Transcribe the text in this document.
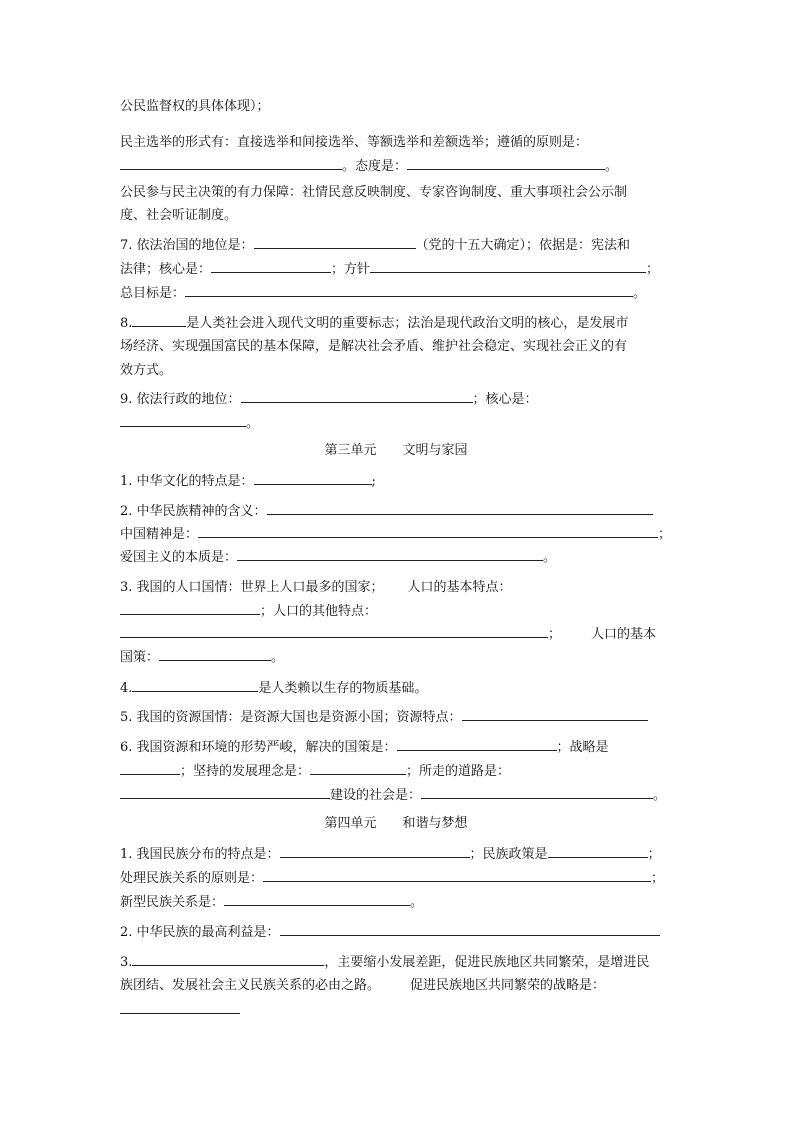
公民监督权的具体体现）；
民主选举的形式有：直接选举和间接选举、等额选举和差额选举；遵循的原则是：
。态度是：	。
公民参与民主决策的有力保障：社情民意反映制度、专家咨询制度、重大事项社会公示制
度、社会听证制度。
7. 依法治国的地位是：	（党的十五大确定）；依据是：宪法和
法律；核心是：	；方针	；
总目标是：	。
8.	是人类社会进入现代文明的重要标志；法治是现代政治文明的核心，是发展市
场经济、实现强国富民的基本保障，是解决社会矛盾、维护社会稳定、实现社会正义的有
效方式。
9. 依法行政的地位：	；核心是：
。
第三单元 文明与家园
1. 中华文化的特点是：	;
2. 中华民族精神的含义：
中国精神是：	；
爱国主义的本质是：	。
3. 我国的人口国情：世界上人口最多的国家； 人口的基本特点：
；人口的其他特点：
； 人口的基本
国策：	。
4.	是人类赖以生存的物质基础。
5. 我国的资源国情：是资源大国也是资源小国；资源特点：
6. 我国资源和环境的形势严峻，解决的国策是：	；战略是
；坚持的发展理念是：	；所走的道路是：
建设的社会是：	。
第四单元 和谐与梦想
1. 我国民族分布的特点是：	；民族政策是	；
处理民族关系的原则是：	；
新型民族关系是：	。
2. 中华民族的最高利益是：
3.	，主要缩小发展差距，促进民族地区共同繁荣，是增进民
族团结、发展社会主义民族关系的必由之路。 促进民族地区共同繁荣的战略是：
